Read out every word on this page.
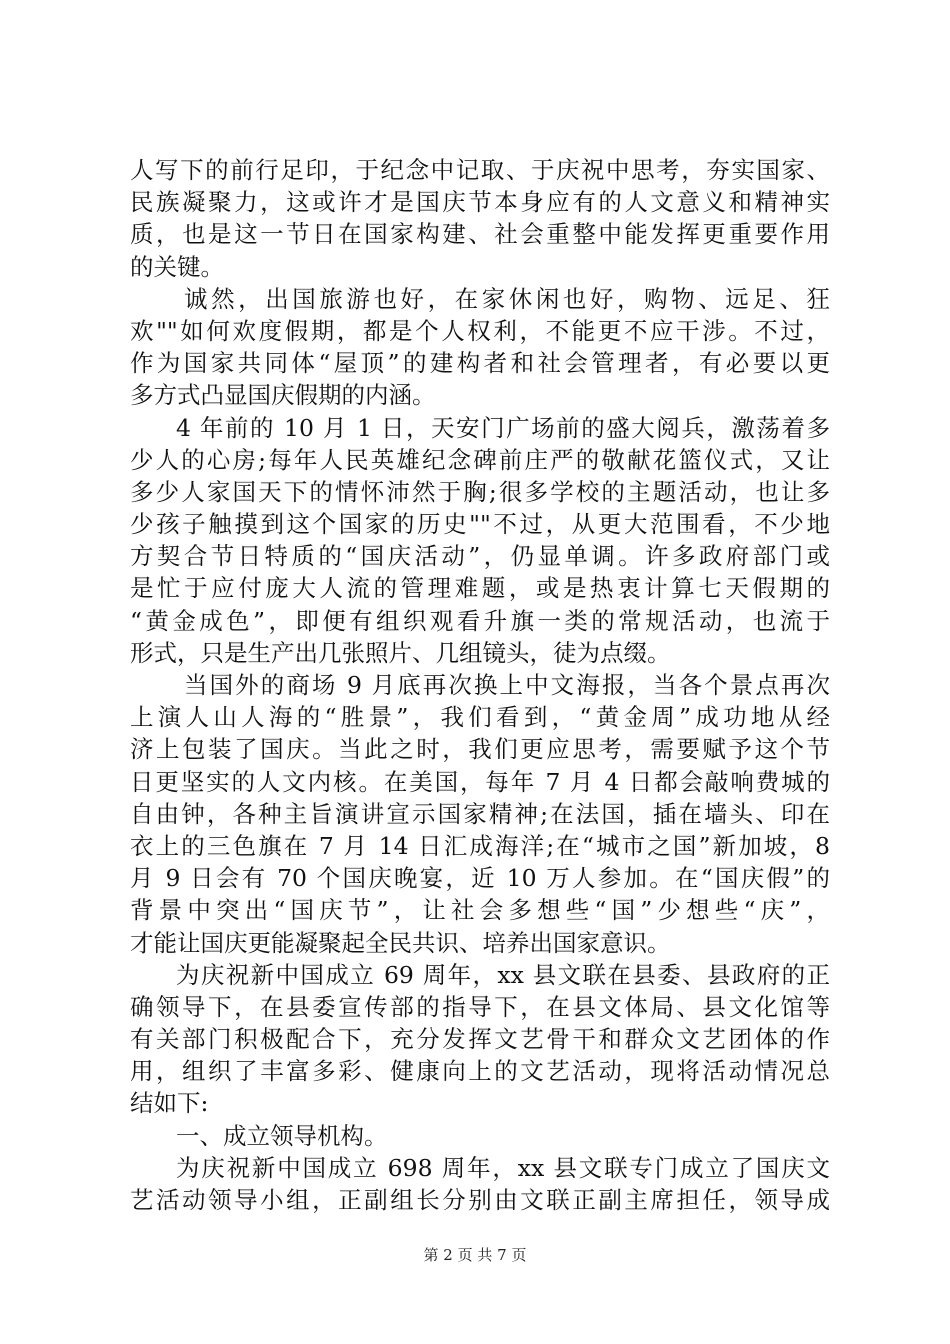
人写下的前行足印，于纪念中记取、于庆祝中思考，夯实国家、
民族凝聚力，这或许才是国庆节本身应有的人文意义和精神实
质，也是这一节日在国家构建、社会重整中能发挥更重要作用
的关键。
诚然，出国旅游也好，在家休闲也好，购物、远足、狂
欢""如何欢度假期，都是个人权利，不能更不应干涉。不过，
作为国家共同体“屋顶”的建构者和社会管理者，有必要以更
多方式凸显国庆假期的内涵。
4 年前的 10 月 1 日，天安门广场前的盛大阅兵，激荡着多
少人的心房;每年人民英雄纪念碑前庄严的敬献花篮仪式，又让
多少人家国天下的情怀沛然于胸;很多学校的主题活动，也让多
少孩子触摸到这个国家的历史""不过，从更大范围看，不少地
方契合节日特质的“国庆活动”，仍显单调。许多政府部门或
是忙于应付庞大人流的管理难题，或是热衷计算七天假期的
“黄金成色”，即便有组织观看升旗一类的常规活动，也流于
形式，只是生产出几张照片、几组镜头，徒为点缀。
当国外的商场 9 月底再次换上中文海报，当各个景点再次
上演人山人海的“胜景”，我们看到，“黄金周”成功地从经
济上包装了国庆。当此之时，我们更应思考，需要赋予这个节
日更坚实的人文内核。在美国，每年 7 月 4 日都会敲响费城的
自由钟，各种主旨演讲宣示国家精神;在法国，插在墙头、印在
衣上的三色旗在 7 月 14 日汇成海洋;在“城市之国”新加坡，8
月 9 日会有 70 个国庆晚宴，近 10 万人参加。在“国庆假”的
背景中突出“国庆节”，让社会多想些“国”少想些“庆”，
才能让国庆更能凝聚起全民共识、培养出国家意识。
为庆祝新中国成立 69 周年，xx 县文联在县委、县政府的正
确领导下，在县委宣传部的指导下，在县文体局、县文化馆等
有关部门积极配合下，充分发挥文艺骨干和群众文艺团体的作
用，组织了丰富多彩、健康向上的文艺活动，现将活动情况总
结如下:
一、成立领导机构。
为庆祝新中国成立 698 周年，xx 县文联专门成立了国庆文
艺活动领导小组，正副组长分别由文联正副主席担任，领导成
第 2 页 共 7 页
